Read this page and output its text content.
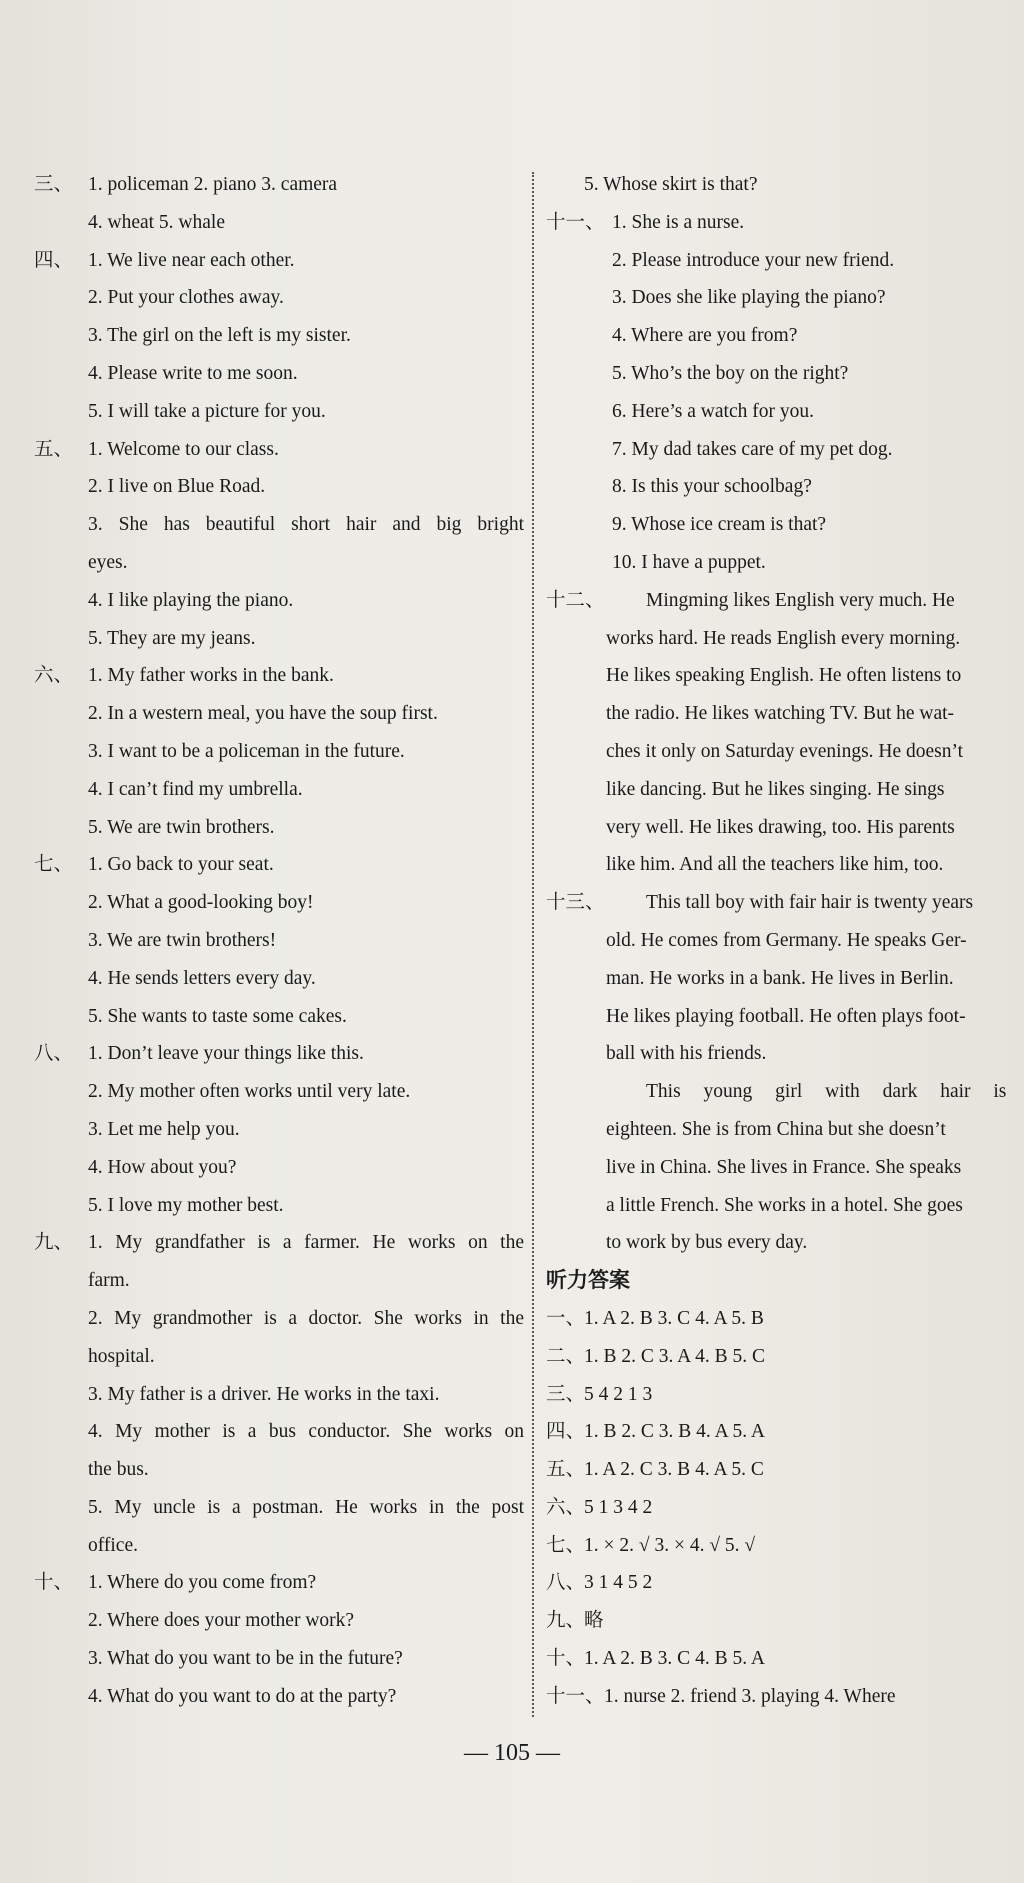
三、 1. policeman 2. piano 3. camera
4. wheat 5. whale
四、 1. We live near each other.
2. Put your clothes away.
3. The girl on the left is my sister.
4. Please write to me soon.
5. I will take a picture for you.
五、 1. Welcome to our class.
2. I live on Blue Road.
3. She has beautiful short hair and big bright
eyes.
4. I like playing the piano.
5. They are my jeans.
六、 1. My father works in the bank.
2. In a western meal, you have the soup first.
3. I want to be a policeman in the future.
4. I can’t find my umbrella.
5. We are twin brothers.
七、 1. Go back to your seat.
2. What a good-looking boy!
3. We are twin brothers!
4. He sends letters every day.
5. She wants to taste some cakes.
八、 1. Don’t leave your things like this.
2. My mother often works until very late.
3. Let me help you.
4. How about you?
5. I love my mother best.
九、 1. My grandfather is a farmer. He works on the
farm.
2. My grandmother is a doctor. She works in the
hospital.
3. My father is a driver. He works in the taxi.
4. My mother is a bus conductor. She works on
the bus.
5. My uncle is a postman. He works in the post
office.
十、 1. Where do you come from?
2. Where does your mother work?
3. What do you want to be in the future?
4. What do you want to do at the party?
5. Whose skirt is that?
十一、 1. She is a nurse.
2. Please introduce your new friend.
3. Does she like playing the piano?
4. Where are you from?
5. Who’s the boy on the right?
6. Here’s a watch for you.
7. My dad takes care of my pet dog.
8. Is this your schoolbag?
9. Whose ice cream is that?
10. I have a puppet.
十二、 Mingming likes English very much. He
works hard. He reads English every morning.
He likes speaking English. He often listens to
the radio. He likes watching TV. But he wat-
ches it only on Saturday evenings. He doesn’t
like dancing. But he likes singing. He sings
very well. He likes drawing, too. His parents
like him. And all the teachers like him, too.
十三、 This tall boy with fair hair is twenty years
old. He comes from Germany. He speaks Ger-
man. He works in a bank. He lives in Berlin.
He likes playing football. He often plays foot-
ball with his friends.
This young girl with dark hair is
eighteen. She is from China but she doesn’t
live in China. She lives in France. She speaks
a little French. She works in a hotel. She goes
to work by bus every day.
听力答案
一、
1. A 2. B 3. C 4. A 5. B
二、
1. B 2. C 3. A 4. B 5. C
三、
5 4 2 1 3
四、
1. B 2. C 3. B 4. A 5. A
五、
1. A 2. C 3. B 4. A 5. C
六、
5 1 3 4 2
七、
1. × 2. √ 3. × 4. √ 5. √
八、
3 1 4 5 2
九、
略
十、
1. A 2. B 3. C 4. B 5. A
十一、 1. nurse 2. friend 3. playing 4. Where
— 105 —
